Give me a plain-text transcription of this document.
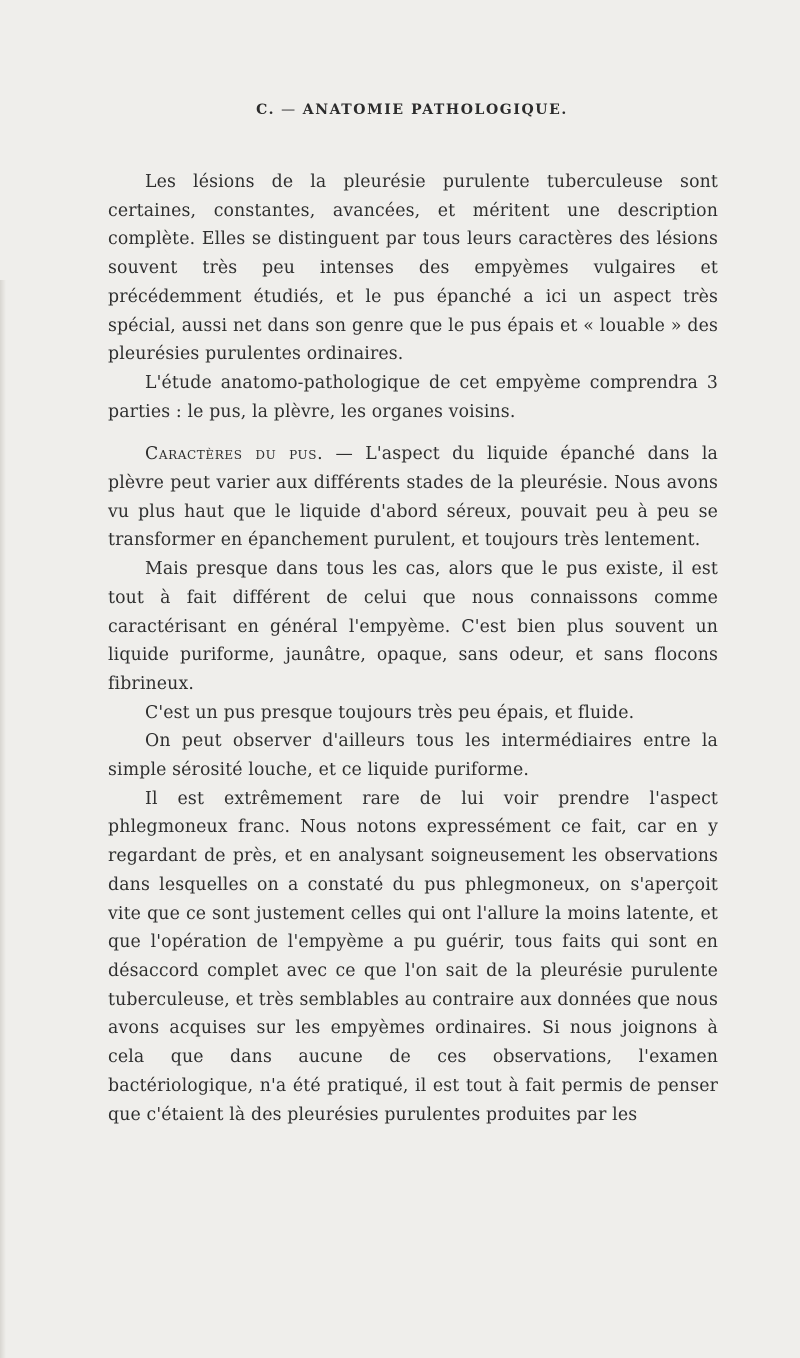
C. — ANATOMIE PATHOLOGIQUE.

Les lésions de la pleurésie purulente tuberculeuse sont certaines, constantes, avancées, et méritent une description complète. Elles se distinguent par tous leurs caractères des lésions souvent très peu intenses des empyèmes vulgaires et précédemment étudiés, et le pus épanché a ici un aspect très spécial, aussi net dans son genre que le pus épais et « louable » des pleurésies purulentes ordinaires.

L'étude anatomo-pathologique de cet empyème comprendra 3 parties : le pus, la plèvre, les organes voisins.

Caractères du pus. — L'aspect du liquide épanché dans la plèvre peut varier aux différents stades de la pleurésie. Nous avons vu plus haut que le liquide d'abord séreux, pouvait peu à peu se transformer en épanchement purulent, et toujours très lentement.

Mais presque dans tous les cas, alors que le pus existe, il est tout à fait différent de celui que nous connaissons comme caractérisant en général l'empyème. C'est bien plus souvent un liquide puriforme, jaunâtre, opaque, sans odeur, et sans flocons fibrineux.

C'est un pus presque toujours très peu épais, et fluide.

On peut observer d'ailleurs tous les intermédiaires entre la simple sérosité louche, et ce liquide puriforme.

Il est extrêmement rare de lui voir prendre l'aspect phlegmoneux franc. Nous notons expressément ce fait, car en y regardant de près, et en analysant soigneusement les observations dans lesquelles on a constaté du pus phlegmoneux, on s'aperçoit vite que ce sont justement celles qui ont l'allure la moins latente, et que l'opération de l'empyème a pu guérir, tous faits qui sont en désaccord complet avec ce que l'on sait de la pleurésie purulente tuberculeuse, et très semblables au contraire aux données que nous avons acquises sur les empyèmes ordinaires. Si nous joignons à cela que dans aucune de ces observations, l'examen bactériologique, n'a été pratiqué, il est tout à fait permis de penser que c'étaient là des pleurésies purulentes produites par les
